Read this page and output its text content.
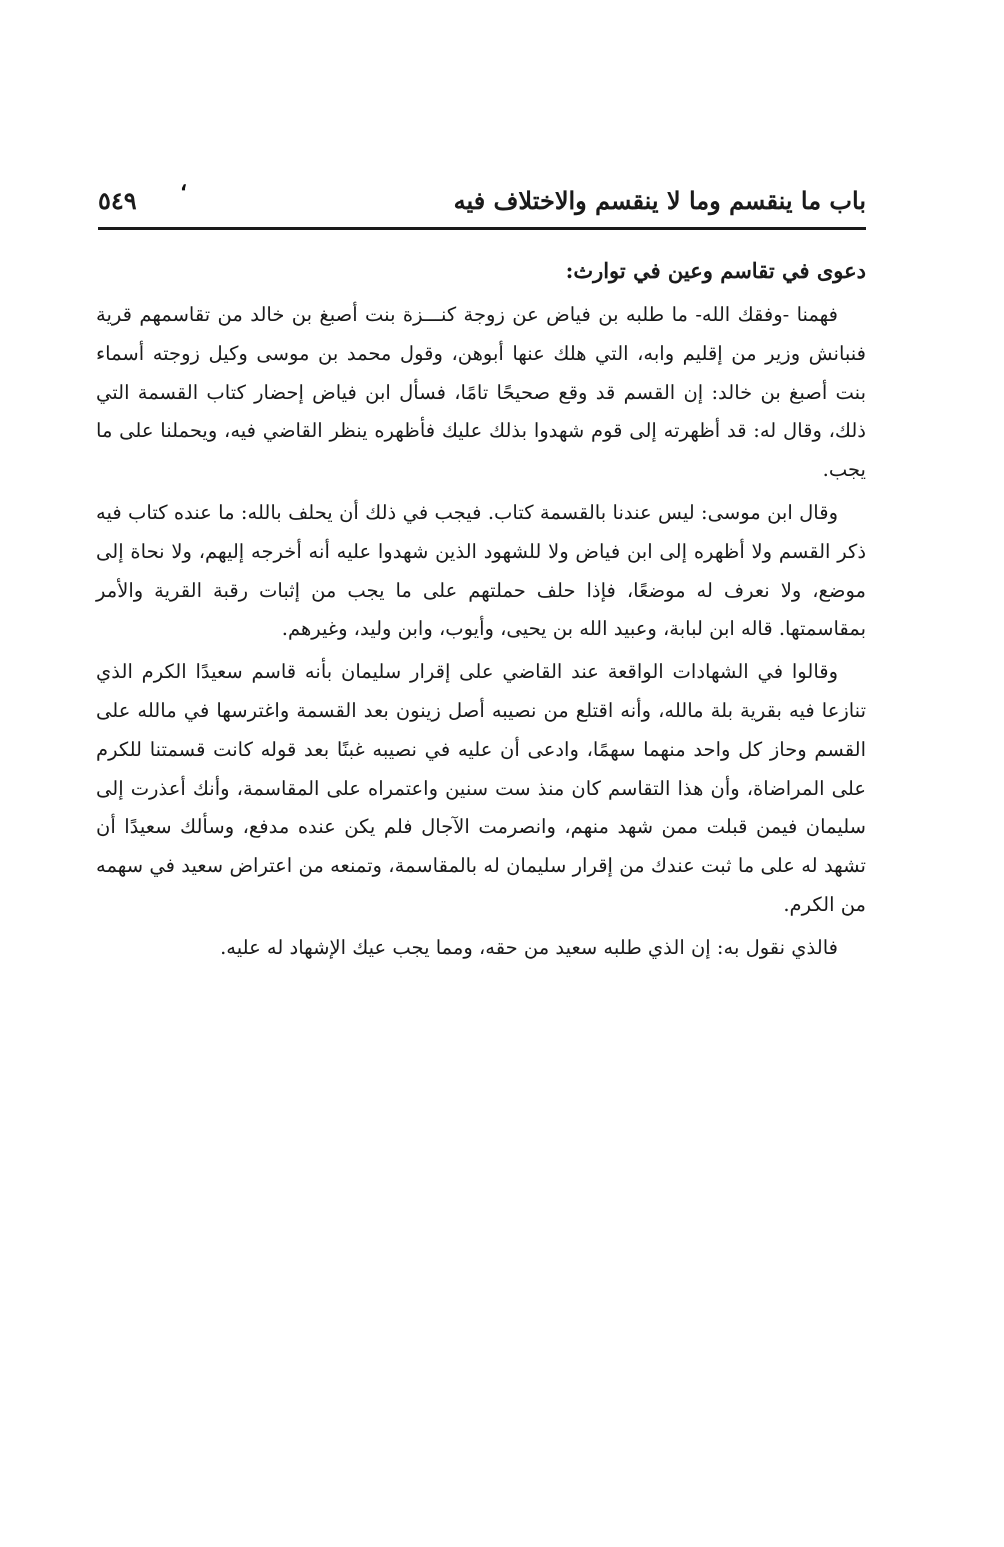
،
باب ما ينقسم وما لا ينقسم والاختلاف فيه
٥٤٩
دعوى في تقاسم وعين في توارث:

فهمنا -وفقك الله- ما طلبه بن فياض عن زوجة كنـــزة بنت أصبغ بن خالد من تقاسمهم قرية فنبانش وزير من إقليم وابه، التي هلك عنها أبوهن، وقول محمد بن موسى وكيل زوجته أسماء بنت أصبغ بن خالد: إن القسم قد وقع صحيحًا تامًا، فسأل ابن فياض إحضار كتاب القسمة التي ذلك، وقال له: قد أظهرته إلى قوم شهدوا بذلك عليك فأظهره ينظر القاضي فيه، ويحملنا على ما يجب.

وقال ابن موسى: ليس عندنا بالقسمة كتاب. فيجب في ذلك أن يحلف بالله: ما عنده كتاب فيه ذكر القسم ولا أظهره إلى ابن فياض ولا للشهود الذين شهدوا عليه أنه أخرجه إليهم، ولا نحاة إلى موضع، ولا نعرف له موضعًا، فإذا حلف حملتهم على ما يجب من إثبات رقبة القرية والأمر بمقاسمتها. قاله ابن لبابة، وعبيد الله بن يحيى، وأيوب، وابن وليد، وغيرهم.

وقالوا في الشهادات الواقعة عند القاضي على إقرار سليمان بأنه قاسم سعيدًا الكرم الذي تنازعا فيه بقرية بلة مالله، وأنه اقتلع من نصيبه أصل زينون بعد القسمة واغترسها في مالله على القسم وحاز كل واحد منهما سهمًا، وادعى أن عليه في نصيبه غبنًا بعد قوله كانت قسمتنا للكرم على المراضاة، وأن هذا التقاسم كان منذ ست سنين واعتمراه على المقاسمة، وأنك أعذرت إلى سليمان فيمن قبلت ممن شهد منهم، وانصرمت الآجال فلم يكن عنده مدفع، وسألك سعيدًا أن تشهد له على ما ثبت عندك من إقرار سليمان له بالمقاسمة، وتمنعه من اعتراض سعيد في سهمه من الكرم.

فالذي نقول به: إن الذي طلبه سعيد من حقه، ومما يجب عيك الإشهاد له عليه.
